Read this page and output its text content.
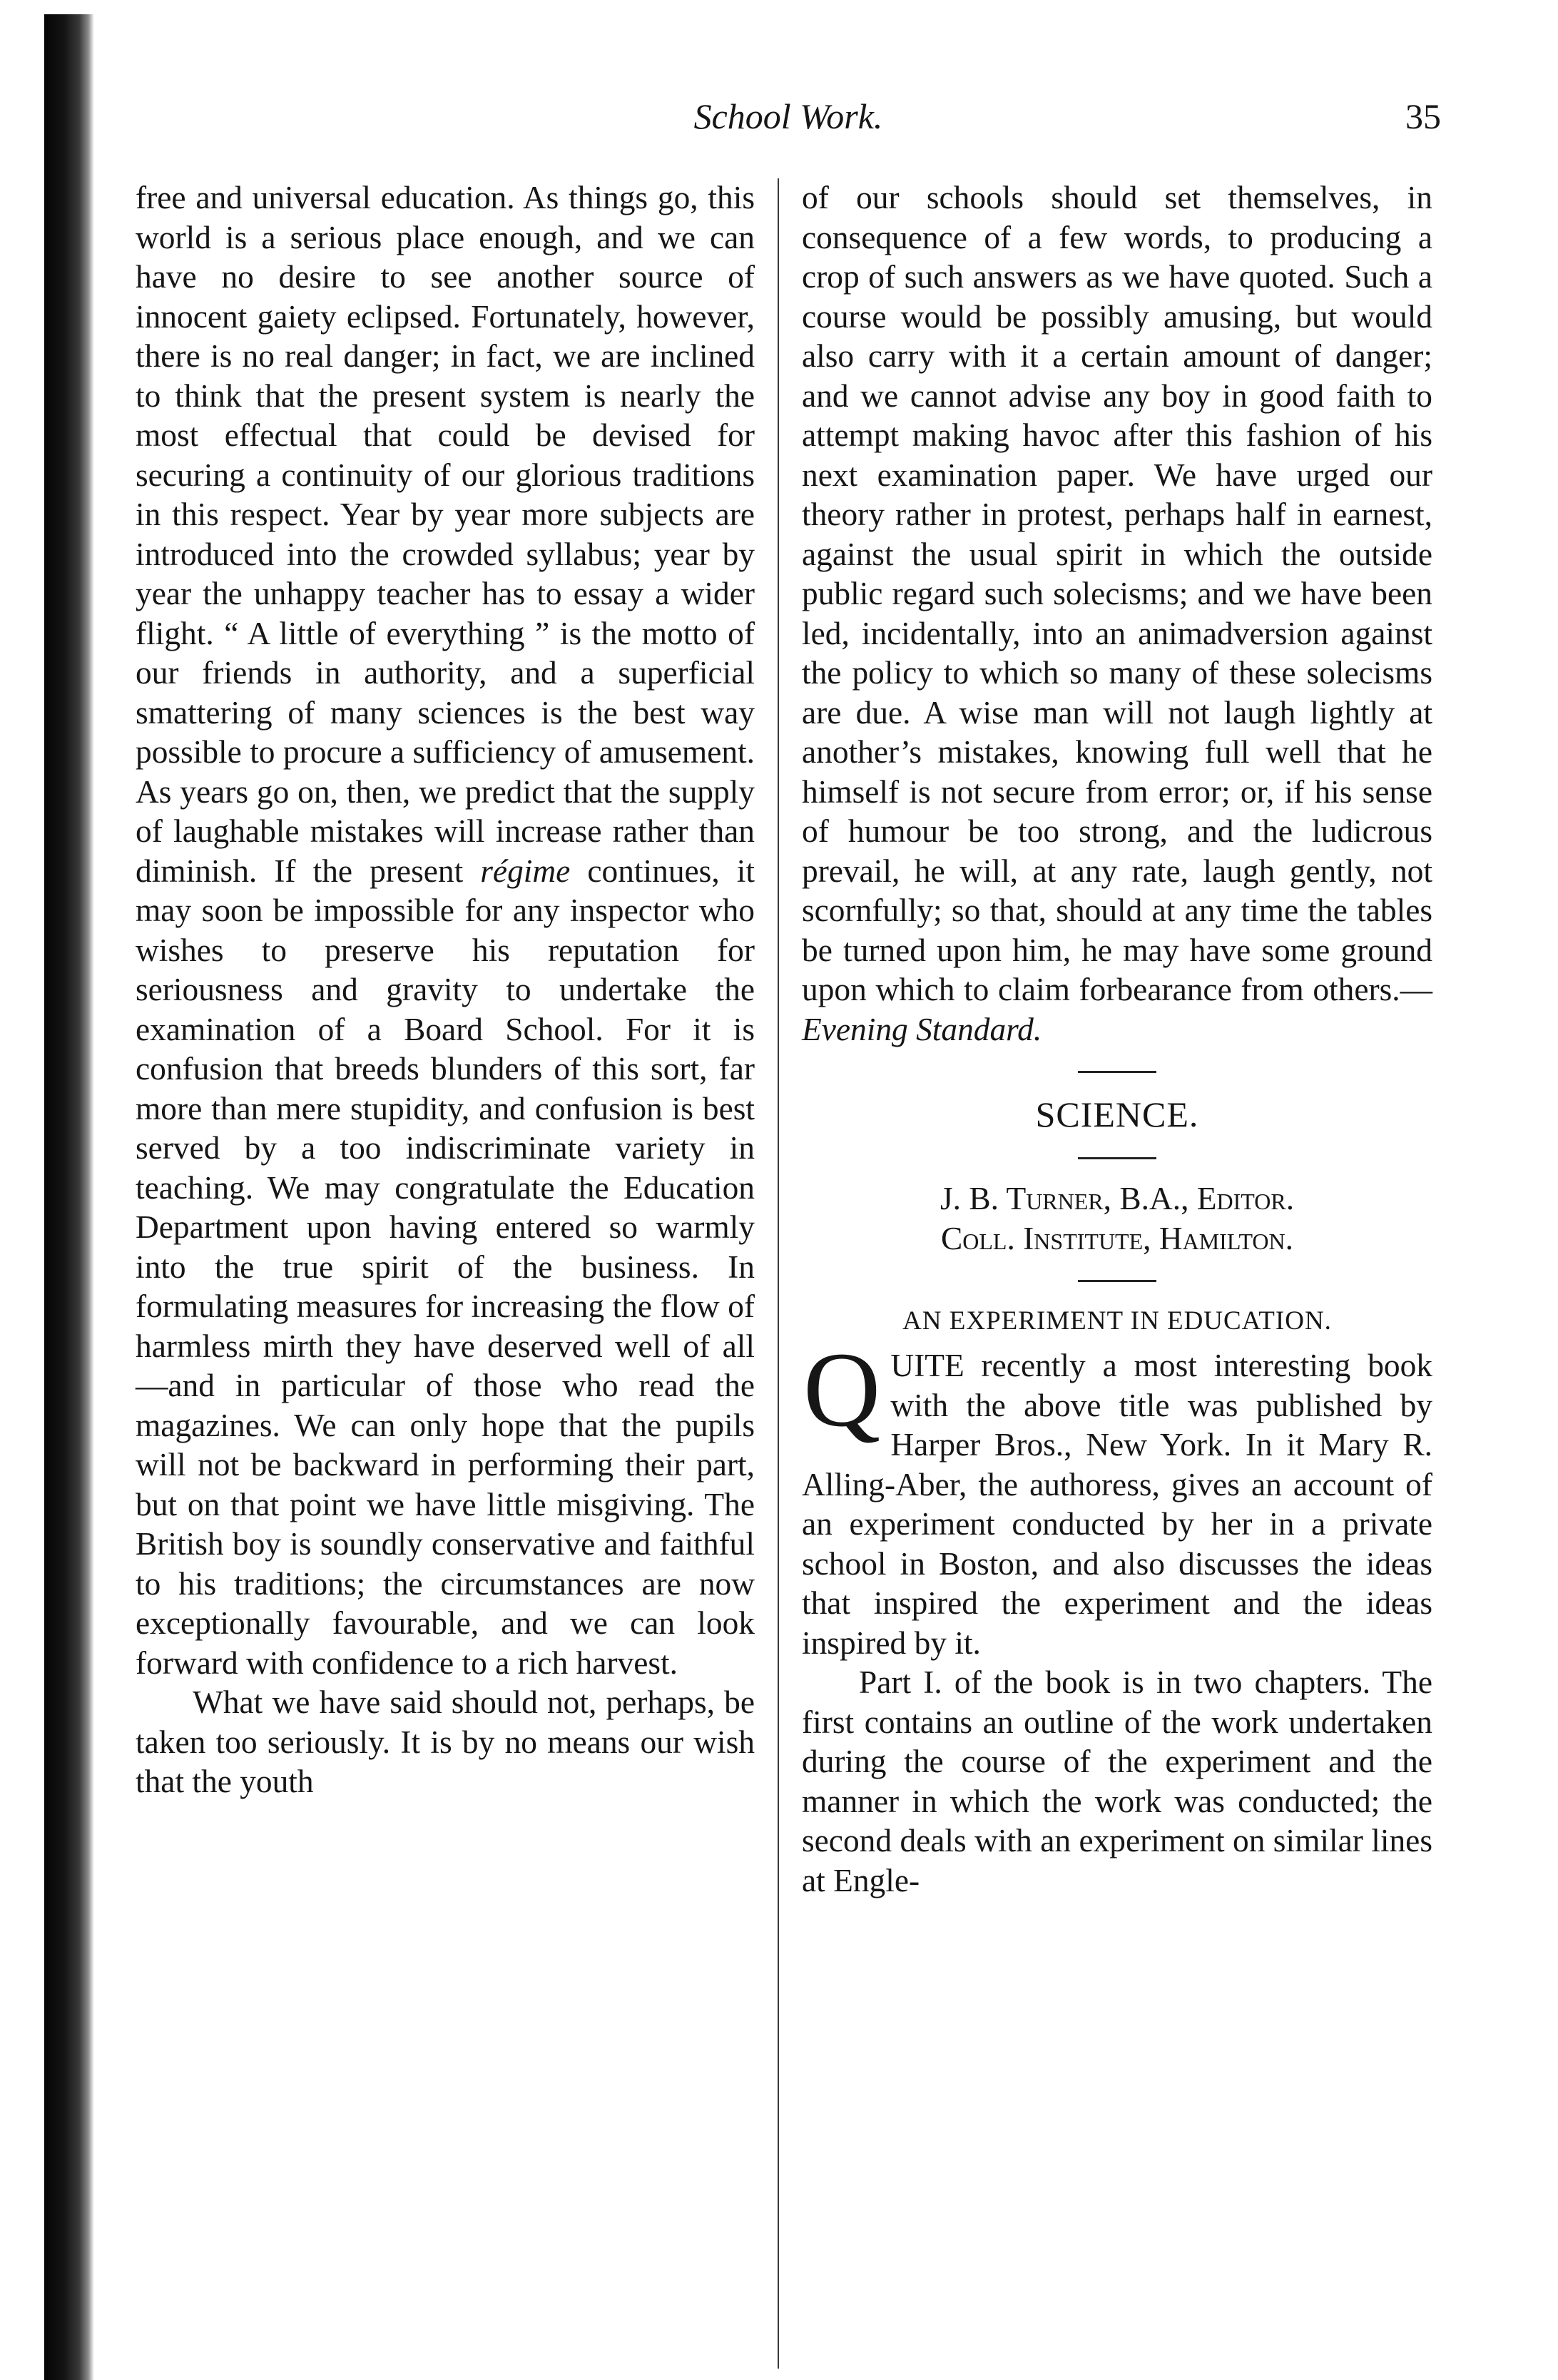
School Work.	35

free and universal education. As things go, this world is a serious place enough, and we can have no desire to see another source of innocent gaiety eclipsed. Fortunately, however, there is no real danger; in fact, we are inclined to think that the present system is nearly the most effectual that could be devised for securing a continuity of our glorious traditions in this respect. Year by year more subjects are introduced into the crowded syllabus; year by year the unhappy teacher has to essay a wider flight. “ A little of everything ” is the motto of our friends in authority, and a superficial smattering of many sciences is the best way possible to procure a sufficiency of amusement. As years go on, then, we predict that the supply of laughable mistakes will increase rather than diminish. If the present régime continues, it may soon be impossible for any inspector who wishes to preserve his reputation for seriousness and gravity to undertake the examination of a Board School. For it is confusion that breeds blunders of this sort, far more than mere stupidity, and confusion is best served by a too indiscriminate variety in teaching. We may congratulate the Education Department upon having entered so warmly into the true spirit of the business. In formulating measures for increasing the flow of harmless mirth they have deserved well of all—and in particular of those who read the magazines. We can only hope that the pupils will not be backward in performing their part, but on that point we have little misgiving. The British boy is soundly conservative and faithful to his traditions; the circumstances are now exceptionally favourable, and we can look forward with confidence to a rich harvest.

What we have said should not, perhaps, be taken too seriously. It is by no means our wish that the youth

of our schools should set themselves, in consequence of a few words, to producing a crop of such answers as we have quoted. Such a course would be possibly amusing, but would also carry with it a certain amount of danger; and we cannot advise any boy in good faith to attempt making havoc after this fashion of his next examination paper. We have urged our theory rather in protest, perhaps half in earnest, against the usual spirit in which the outside public regard such solecisms; and we have been led, incidentally, into an animadversion against the policy to which so many of these solecisms are due. A wise man will not laugh lightly at another’s mistakes, knowing full well that he himself is not secure from error; or, if his sense of humour be too strong, and the ludicrous prevail, he will, at any rate, laugh gently, not scornfully; so that, should at any time the tables be turned upon him, he may have some ground upon which to claim forbearance from others.—Evening Standard.

SCIENCE.
J. B. Turner, B.A., Editor.
Coll. Institute, Hamilton.
AN EXPERIMENT IN EDUCATION.

QUITE recently a most interesting book with the above title was published by Harper Bros., New York. In it Mary R. Alling-Aber, the authoress, gives an account of an experiment conducted by her in a private school in Boston, and also discusses the ideas that inspired the experiment and the ideas inspired by it.

Part I. of the book is in two chapters. The first contains an outline of the work undertaken during the course of the experiment and the manner in which the work was conducted; the second deals with an experiment on similar lines at Engle-
